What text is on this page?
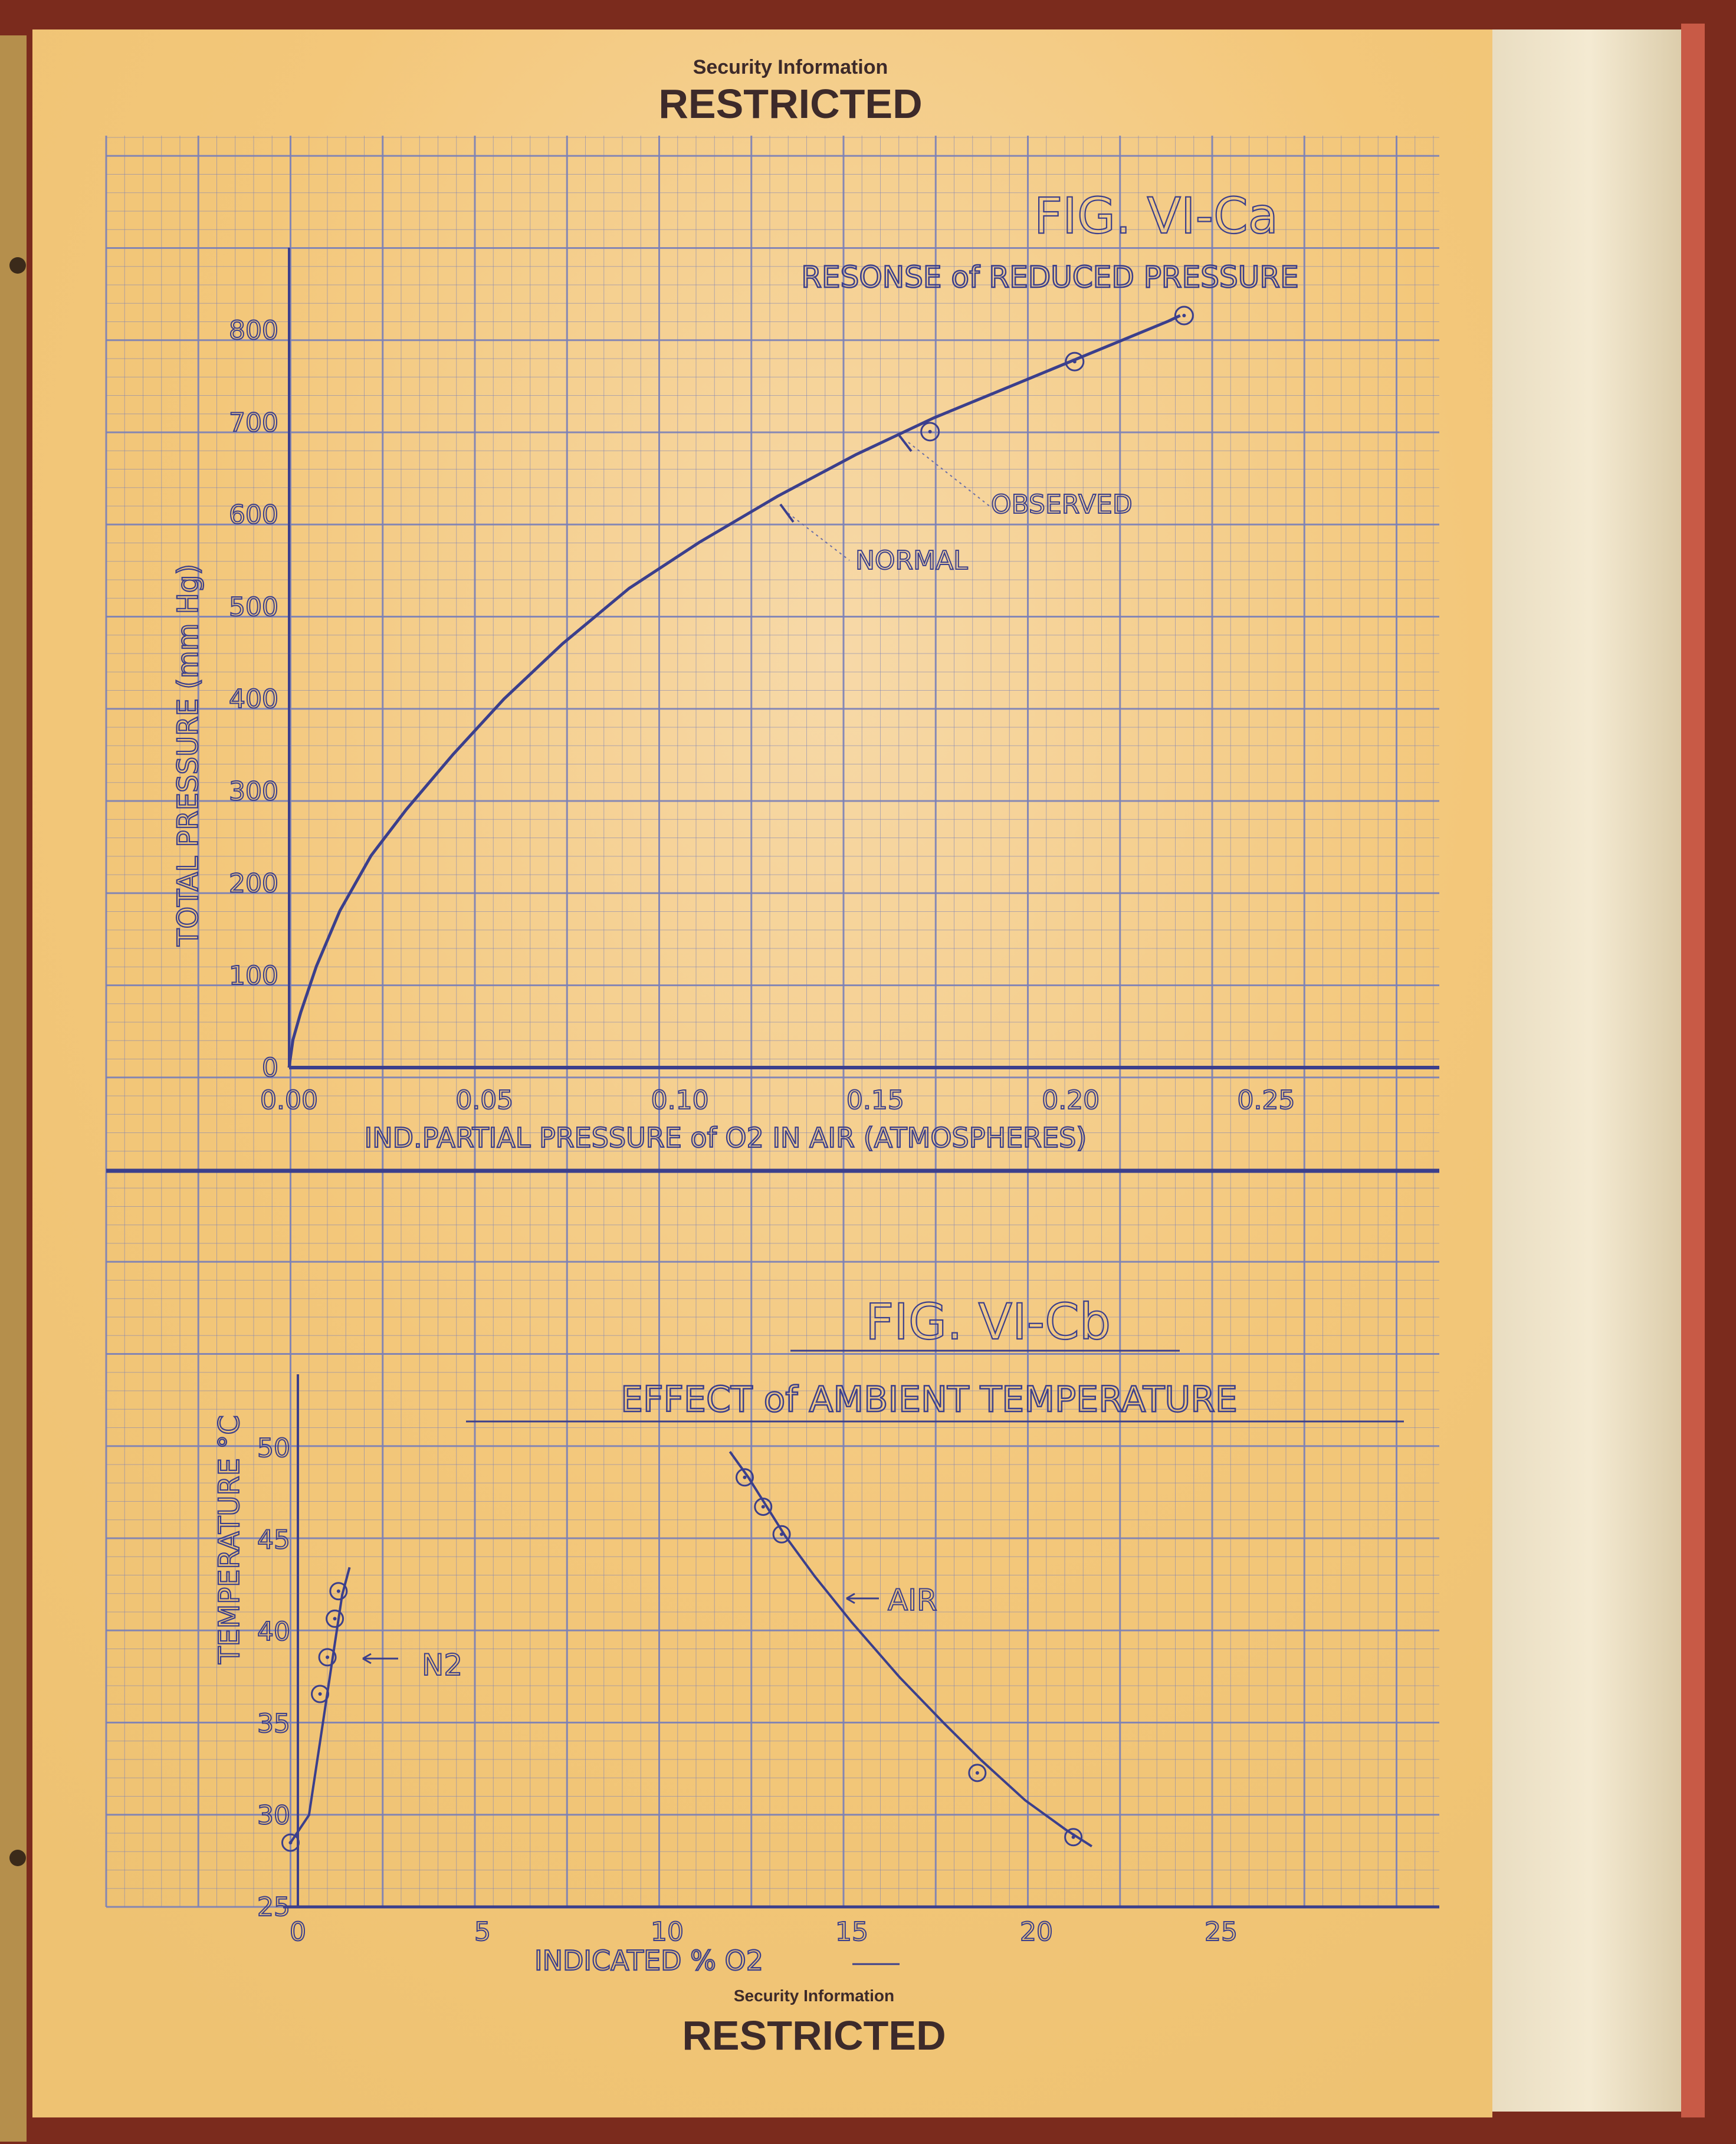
Security Information
RESTRICTED
Security Information
RESTRICTED
FIG. VI-Ca
RESONSE of REDUCED PRESSURE
0.00	0.05	0.10	0.15	0.20	0.25
0
100
200
300
400
500
600
700
800
IND.PARTIAL PRESSURE of O2 IN AIR (ATMOSPHERES)
TOTAL PRESSURE (mm Hg)
OBSERVED
NORMAL
FIG. VI-Cb
EFFECT of AMBIENT TEMPERATURE
0	5	10	15	20	25
25
30
35
40
45
50
INDICATED % O2
TEMPERATURE °C
N2
AIR
